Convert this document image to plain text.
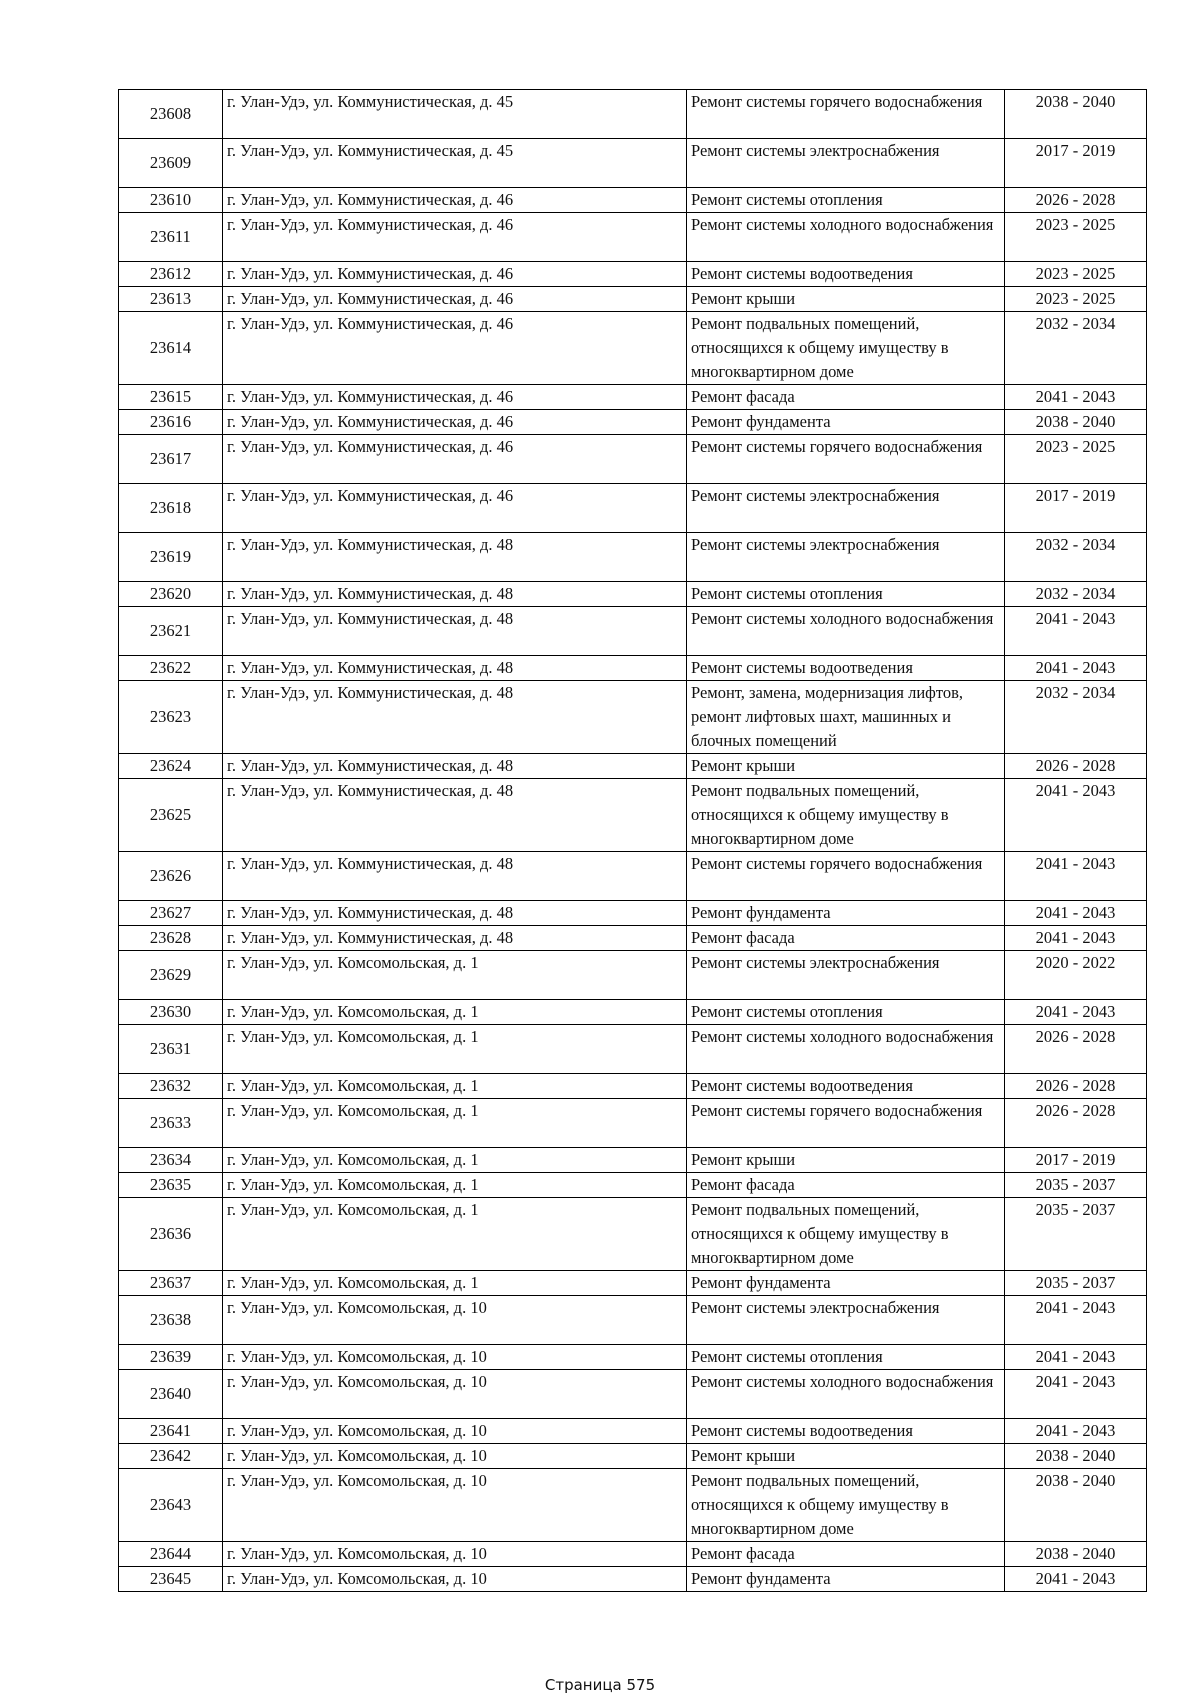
23608	г. Улан-Удэ, ул. Коммунистическая, д. 45	Ремонт системы горячего водоснабжения	2038 - 2040
23609	г. Улан-Удэ, ул. Коммунистическая, д. 45	Ремонт системы электроснабжения	2017 - 2019
23610	г. Улан-Удэ, ул. Коммунистическая, д. 46	Ремонт системы отопления	2026 - 2028
23611	г. Улан-Удэ, ул. Коммунистическая, д. 46	Ремонт системы холодного водоснабжения	2023 - 2025
23612	г. Улан-Удэ, ул. Коммунистическая, д. 46	Ремонт системы водоотведения	2023 - 2025
23613	г. Улан-Удэ, ул. Коммунистическая, д. 46	Ремонт крыши	2023 - 2025
23614	г. Улан-Удэ, ул. Коммунистическая, д. 46	Ремонт подвальных помещений, относящихся к общему имуществу в многоквартирном доме	2032 - 2034
23615	г. Улан-Удэ, ул. Коммунистическая, д. 46	Ремонт фасада	2041 - 2043
23616	г. Улан-Удэ, ул. Коммунистическая, д. 46	Ремонт фундамента	2038 - 2040
23617	г. Улан-Удэ, ул. Коммунистическая, д. 46	Ремонт системы горячего водоснабжения	2023 - 2025
23618	г. Улан-Удэ, ул. Коммунистическая, д. 46	Ремонт системы электроснабжения	2017 - 2019
23619	г. Улан-Удэ, ул. Коммунистическая, д. 48	Ремонт системы электроснабжения	2032 - 2034
23620	г. Улан-Удэ, ул. Коммунистическая, д. 48	Ремонт системы отопления	2032 - 2034
23621	г. Улан-Удэ, ул. Коммунистическая, д. 48	Ремонт системы холодного водоснабжения	2041 - 2043
23622	г. Улан-Удэ, ул. Коммунистическая, д. 48	Ремонт системы водоотведения	2041 - 2043
23623	г. Улан-Удэ, ул. Коммунистическая, д. 48	Ремонт, замена, модернизация лифтов, ремонт лифтовых шахт, машинных и блочных помещений	2032 - 2034
23624	г. Улан-Удэ, ул. Коммунистическая, д. 48	Ремонт крыши	2026 - 2028
23625	г. Улан-Удэ, ул. Коммунистическая, д. 48	Ремонт подвальных помещений, относящихся к общему имуществу в многоквартирном доме	2041 - 2043
23626	г. Улан-Удэ, ул. Коммунистическая, д. 48	Ремонт системы горячего водоснабжения	2041 - 2043
23627	г. Улан-Удэ, ул. Коммунистическая, д. 48	Ремонт фундамента	2041 - 2043
23628	г. Улан-Удэ, ул. Коммунистическая, д. 48	Ремонт фасада	2041 - 2043
23629	г. Улан-Удэ, ул. Комсомольская, д. 1	Ремонт системы электроснабжения	2020 - 2022
23630	г. Улан-Удэ, ул. Комсомольская, д. 1	Ремонт системы отопления	2041 - 2043
23631	г. Улан-Удэ, ул. Комсомольская, д. 1	Ремонт системы холодного водоснабжения	2026 - 2028
23632	г. Улан-Удэ, ул. Комсомольская, д. 1	Ремонт системы водоотведения	2026 - 2028
23633	г. Улан-Удэ, ул. Комсомольская, д. 1	Ремонт системы горячего водоснабжения	2026 - 2028
23634	г. Улан-Удэ, ул. Комсомольская, д. 1	Ремонт крыши	2017 - 2019
23635	г. Улан-Удэ, ул. Комсомольская, д. 1	Ремонт фасада	2035 - 2037
23636	г. Улан-Удэ, ул. Комсомольская, д. 1	Ремонт подвальных помещений, относящихся к общему имуществу в многоквартирном доме	2035 - 2037
23637	г. Улан-Удэ, ул. Комсомольская, д. 1	Ремонт фундамента	2035 - 2037
23638	г. Улан-Удэ, ул. Комсомольская, д. 10	Ремонт системы электроснабжения	2041 - 2043
23639	г. Улан-Удэ, ул. Комсомольская, д. 10	Ремонт системы отопления	2041 - 2043
23640	г. Улан-Удэ, ул. Комсомольская, д. 10	Ремонт системы холодного водоснабжения	2041 - 2043
23641	г. Улан-Удэ, ул. Комсомольская, д. 10	Ремонт системы водоотведения	2041 - 2043
23642	г. Улан-Удэ, ул. Комсомольская, д. 10	Ремонт крыши	2038 - 2040
23643	г. Улан-Удэ, ул. Комсомольская, д. 10	Ремонт подвальных помещений, относящихся к общему имуществу в многоквартирном доме	2038 - 2040
23644	г. Улан-Удэ, ул. Комсомольская, д. 10	Ремонт фасада	2038 - 2040
23645	г. Улан-Удэ, ул. Комсомольская, д. 10	Ремонт фундамента	2041 - 2043
Страница 575
